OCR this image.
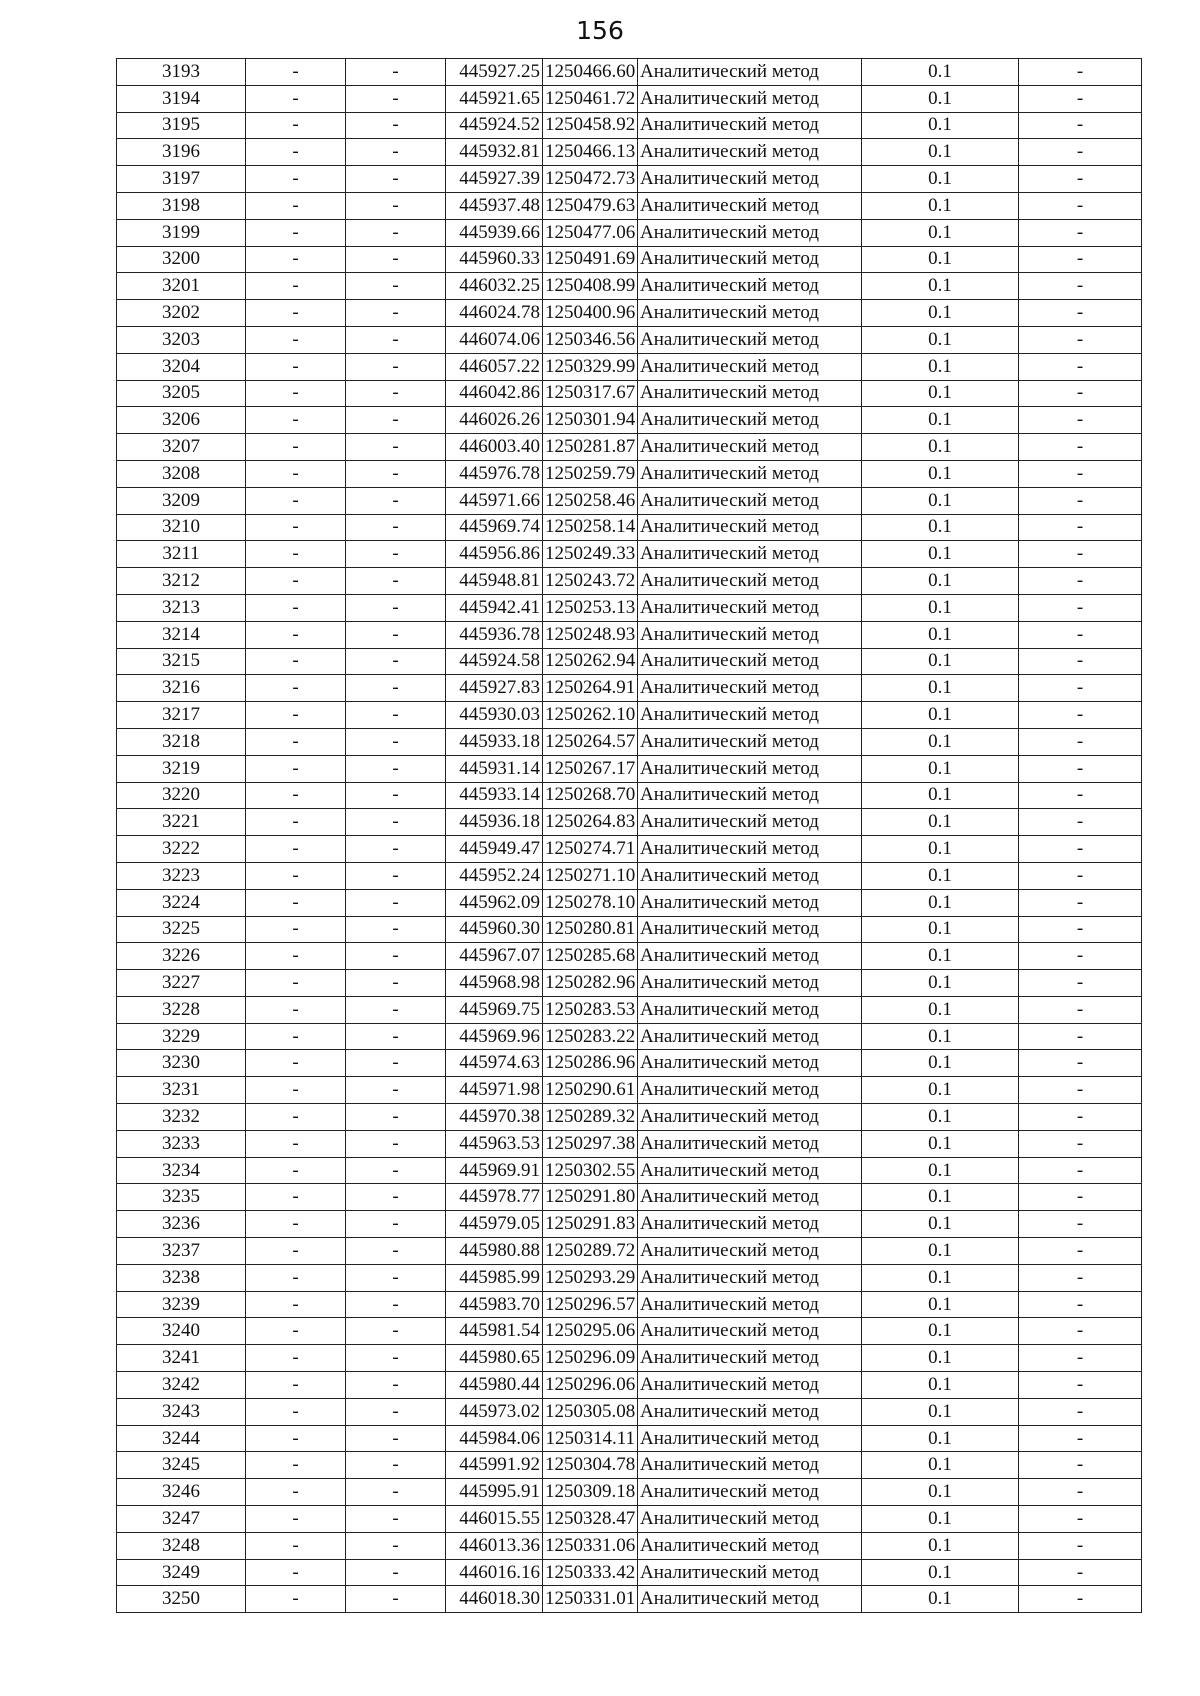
156
3193	-	-	445927.25	1250466.60	Аналитический метод	0.1	-
3194	-	-	445921.65	1250461.72	Аналитический метод	0.1	-
3195	-	-	445924.52	1250458.92	Аналитический метод	0.1	-
3196	-	-	445932.81	1250466.13	Аналитический метод	0.1	-
3197	-	-	445927.39	1250472.73	Аналитический метод	0.1	-
3198	-	-	445937.48	1250479.63	Аналитический метод	0.1	-
3199	-	-	445939.66	1250477.06	Аналитический метод	0.1	-
3200	-	-	445960.33	1250491.69	Аналитический метод	0.1	-
3201	-	-	446032.25	1250408.99	Аналитический метод	0.1	-
3202	-	-	446024.78	1250400.96	Аналитический метод	0.1	-
3203	-	-	446074.06	1250346.56	Аналитический метод	0.1	-
3204	-	-	446057.22	1250329.99	Аналитический метод	0.1	-
3205	-	-	446042.86	1250317.67	Аналитический метод	0.1	-
3206	-	-	446026.26	1250301.94	Аналитический метод	0.1	-
3207	-	-	446003.40	1250281.87	Аналитический метод	0.1	-
3208	-	-	445976.78	1250259.79	Аналитический метод	0.1	-
3209	-	-	445971.66	1250258.46	Аналитический метод	0.1	-
3210	-	-	445969.74	1250258.14	Аналитический метод	0.1	-
3211	-	-	445956.86	1250249.33	Аналитический метод	0.1	-
3212	-	-	445948.81	1250243.72	Аналитический метод	0.1	-
3213	-	-	445942.41	1250253.13	Аналитический метод	0.1	-
3214	-	-	445936.78	1250248.93	Аналитический метод	0.1	-
3215	-	-	445924.58	1250262.94	Аналитический метод	0.1	-
3216	-	-	445927.83	1250264.91	Аналитический метод	0.1	-
3217	-	-	445930.03	1250262.10	Аналитический метод	0.1	-
3218	-	-	445933.18	1250264.57	Аналитический метод	0.1	-
3219	-	-	445931.14	1250267.17	Аналитический метод	0.1	-
3220	-	-	445933.14	1250268.70	Аналитический метод	0.1	-
3221	-	-	445936.18	1250264.83	Аналитический метод	0.1	-
3222	-	-	445949.47	1250274.71	Аналитический метод	0.1	-
3223	-	-	445952.24	1250271.10	Аналитический метод	0.1	-
3224	-	-	445962.09	1250278.10	Аналитический метод	0.1	-
3225	-	-	445960.30	1250280.81	Аналитический метод	0.1	-
3226	-	-	445967.07	1250285.68	Аналитический метод	0.1	-
3227	-	-	445968.98	1250282.96	Аналитический метод	0.1	-
3228	-	-	445969.75	1250283.53	Аналитический метод	0.1	-
3229	-	-	445969.96	1250283.22	Аналитический метод	0.1	-
3230	-	-	445974.63	1250286.96	Аналитический метод	0.1	-
3231	-	-	445971.98	1250290.61	Аналитический метод	0.1	-
3232	-	-	445970.38	1250289.32	Аналитический метод	0.1	-
3233	-	-	445963.53	1250297.38	Аналитический метод	0.1	-
3234	-	-	445969.91	1250302.55	Аналитический метод	0.1	-
3235	-	-	445978.77	1250291.80	Аналитический метод	0.1	-
3236	-	-	445979.05	1250291.83	Аналитический метод	0.1	-
3237	-	-	445980.88	1250289.72	Аналитический метод	0.1	-
3238	-	-	445985.99	1250293.29	Аналитический метод	0.1	-
3239	-	-	445983.70	1250296.57	Аналитический метод	0.1	-
3240	-	-	445981.54	1250295.06	Аналитический метод	0.1	-
3241	-	-	445980.65	1250296.09	Аналитический метод	0.1	-
3242	-	-	445980.44	1250296.06	Аналитический метод	0.1	-
3243	-	-	445973.02	1250305.08	Аналитический метод	0.1	-
3244	-	-	445984.06	1250314.11	Аналитический метод	0.1	-
3245	-	-	445991.92	1250304.78	Аналитический метод	0.1	-
3246	-	-	445995.91	1250309.18	Аналитический метод	0.1	-
3247	-	-	446015.55	1250328.47	Аналитический метод	0.1	-
3248	-	-	446013.36	1250331.06	Аналитический метод	0.1	-
3249	-	-	446016.16	1250333.42	Аналитический метод	0.1	-
3250	-	-	446018.30	1250331.01	Аналитический метод	0.1	-
